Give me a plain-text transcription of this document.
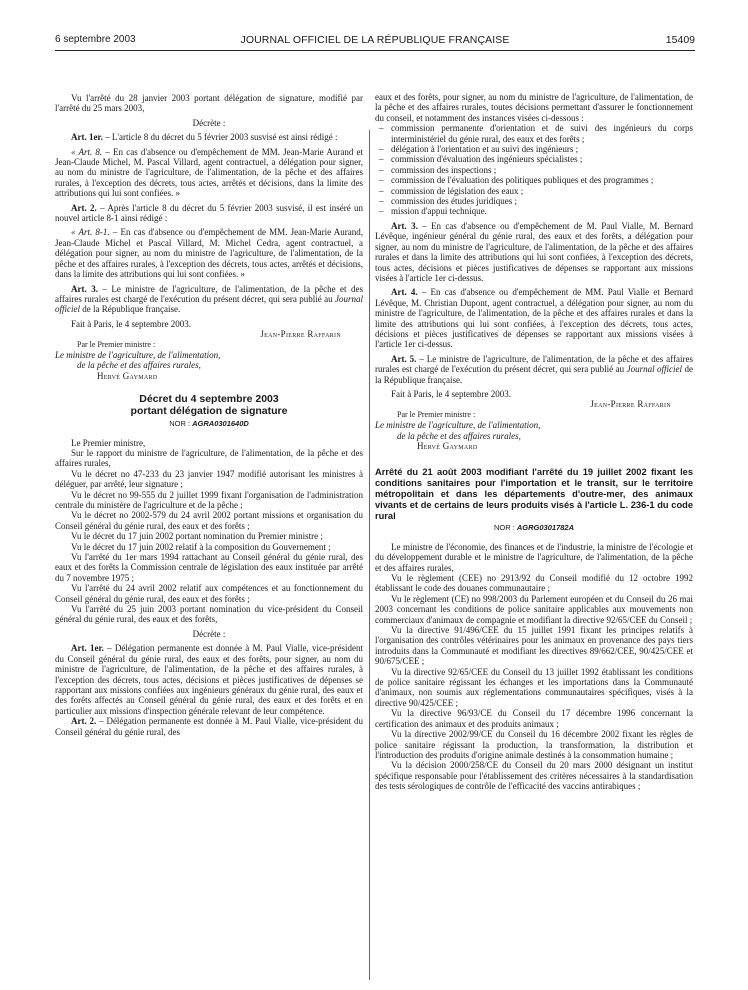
6 septembre 2003	JOURNAL OFFICIEL DE LA RÉPUBLIQUE FRANÇAISE	15409

Vu l'arrêté du 28 janvier 2003 portant délégation de signature, modifié par l'arrêté du 25 mars 2003,

Décrète :

Art. 1er. – L'article 8 du décret du 5 février 2003 susvisé est ainsi rédigé :

« Art. 8. – En cas d'absence ou d'empêchement de MM. Jean-Marie Aurand et Jean-Claude Michel, M. Pascal Villard, agent contractuel, a délégation pour signer, au nom du ministre de l'agriculture, de l'alimentation, de la pêche et des affaires rurales, à l'exception des décrets, tous actes, arrêtés et décisions, dans la limite des attributions qui lui sont confiées. »

Art. 2. – Après l'article 8 du décret du 5 février 2003 susvisé, il est inséré un nouvel article 8-1 ainsi rédigé :

« Art. 8-1. – En cas d'absence ou d'empêchement de MM. Jean-Marie Aurand, Jean-Claude Michel et Pascal Villard, M. Michel Cedra, agent contractuel, a délégation pour signer, au nom du ministre de l'agriculture, de l'alimentation, de la pêche et des affaires rurales, à l'exception des décrets, tous actes, arrêtés et décisions, dans la limite des attributions qui lui sont confiées. »

Art. 3. – Le ministre de l'agriculture, de l'alimentation, de la pêche et des affaires rurales est chargé de l'exécution du présent décret, qui sera publié au Journal officiel de la République française.

Fait à Paris, le 4 septembre 2003.

Jean-Pierre Raffarin

Par le Premier ministre :

Le ministre de l'agriculture, de l'alimentation,

de la pêche et des affaires rurales,

Hervé Gaymard

Décret du 4 septembre 2003
portant délégation de signature
NOR : AGRA0301640D

Le Premier ministre,

Sur le rapport du ministre de l'agriculture, de l'alimentation, de la pêche et des affaires rurales,

Vu le décret no 47-233 du 23 janvier 1947 modifié autorisant les ministres à déléguer, par arrêté, leur signature ;

Vu le décret no 99-555 du 2 juillet 1999 fixant l'organisation de l'administration centrale du ministère de l'agriculture et de la pêche ;

Vu le décret no 2002-579 du 24 avril 2002 portant missions et organisation du Conseil général du génie rural, des eaux et des forêts ;

Vu le décret du 17 juin 2002 portant nomination du Premier ministre ;

Vu le décret du 17 juin 2002 relatif à la composition du Gouvernement ;

Vu l'arrêté du 1er mars 1994 rattachant au Conseil général du génie rural, des eaux et des forêts la Commission centrale de législation des eaux instituée par arrêté du 7 novembre 1975 ;

Vu l'arrêté du 24 avril 2002 relatif aux compétences et au fonctionnement du Conseil général du génie rural, des eaux et des forêts ;

Vu l'arrêté du 25 juin 2003 portant nomination du vice-président du Conseil général du génie rural, des eaux et des forêts,

Décrète :

Art. 1er. – Délégation permanente est donnée à M. Paul Vialle, vice-président du Conseil général du génie rural, des eaux et des forêts, pour signer, au nom du ministre de l'agriculture, de l'alimentation, de la pêche et des affaires rurales, à l'exception des décrets, tous actes, décisions et pièces justificatives de dépenses se rapportant aux missions confiées aux ingénieurs généraux du génie rural, des eaux et des forêts affectés au Conseil général du génie rural, des eaux et des forêts et en particulier aux missions d'inspection générale relevant de leur compétence.

Art. 2. – Délégation permanente est donnée à M. Paul Vialle, vice-président du Conseil général du génie rural, des

eaux et des forêts, pour signer, au nom du ministre de l'agriculture, de l'alimentation, de la pêche et des affaires rurales, toutes décisions permettant d'assurer le fonctionnement du conseil, et notamment des instances visées ci-dessous :

– commission permanente d'orientation et de suivi des ingénieurs du corps interministériel du génie rural, des eaux et des forêts ;
– délégation à l'orientation et au suivi des ingénieurs ;
– commission d'évaluation des ingénieurs spécialistes ;
– commission des inspections ;
– commission de l'évaluation des politiques publiques et des programmes ;
– commission de législation des eaux ;
– commission des études juridiques ;
– mission d'appui technique.

Art. 3. – En cas d'absence ou d'empêchement de M. Paul Vialle, M. Bernard Lévêque, ingénieur général du génie rural, des eaux et des forêts, a délégation pour signer, au nom du ministre de l'agriculture, de l'alimentation, de la pêche et des affaires rurales et dans la limite des attributions qui lui sont confiées, à l'exception des décrets, tous actes, décisions et pièces justificatives de dépenses se rapportant aux missions visées à l'article 1er ci-dessus.

Art. 4. – En cas d'absence ou d'empêchement de MM. Paul Vialle et Bernard Lévêque, M. Christian Dupont, agent contractuel, a délégation pour signer, au nom du ministre de l'agriculture, de l'alimentation, de la pêche et des affaires rurales et dans la limite des attributions qui lui sont confiées, à l'exception des décrets, tous actes, décisions et pièces justificatives de dépenses se rapportant aux missions visées à l'article 1er ci-dessus.

Art. 5. – Le ministre de l'agriculture, de l'alimentation, de la pêche et des affaires rurales est chargé de l'exécution du présent décret, qui sera publié au Journal officiel de la République française.

Fait à Paris, le 4 septembre 2003.

Jean-Pierre Raffarin

Par le Premier ministre :

Le ministre de l'agriculture, de l'alimentation,

de la pêche et des affaires rurales,

Hervé Gaymard

Arrêté du 21 août 2003 modifiant l'arrêté du 19 juillet 2002 fixant les conditions sanitaires pour l'importation et le transit, sur le territoire métropolitain et dans les départements d'outre-mer, des animaux vivants et de certains de leurs produits visés à l'article L. 236-1 du code rural
NOR : AGRG0301782A

Le ministre de l'économie, des finances et de l'industrie, la ministre de l'écologie et du développement durable et le ministre de l'agriculture, de l'alimentation, de la pêche et des affaires rurales,

Vu le règlement (CEE) no 2913/92 du Conseil modifié du 12 octobre 1992 établissant le code des douanes communautaire ;

Vu le règlement (CE) no 998/2003 du Parlement européen et du Conseil du 26 mai 2003 concernant les conditions de police sanitaire applicables aux mouvements non commerciaux d'animaux de compagnie et modifiant la directive 92/65/CEE du Conseil ;

Vu la directive 91/496/CEE du 15 juillet 1991 fixant les principes relatifs à l'organisation des contrôles vétérinaires pour les animaux en provenance des pays tiers introduits dans la Communauté et modifiant les directives 89/662/CEE, 90/425/CEE et 90/675/CEE ;

Vu la directive 92/65/CEE du Conseil du 13 juillet 1992 établissant les conditions de police sanitaire régissant les échanges et les importations dans la Communauté d'animaux, non soumis aux réglementations communautaires spécifiques, visés à la directive 90/425/CEE ;

Vu la directive 96/93/CE du Conseil du 17 décembre 1996 concernant la certification des animaux et des produits animaux ;

Vu la directive 2002/99/CE du Conseil du 16 décembre 2002 fixant les règles de police sanitaire régissant la production, la transformation, la distribution et l'introduction des produits d'origine animale destinés à la consommation humaine ;

Vu la décision 2000/258/CE du Conseil du 20 mars 2000 désignant un institut spécifique responsable pour l'établissement des critères nécessaires à la standardisation des tests sérologiques de contrôle de l'efficacité des vaccins antirabiques ;
